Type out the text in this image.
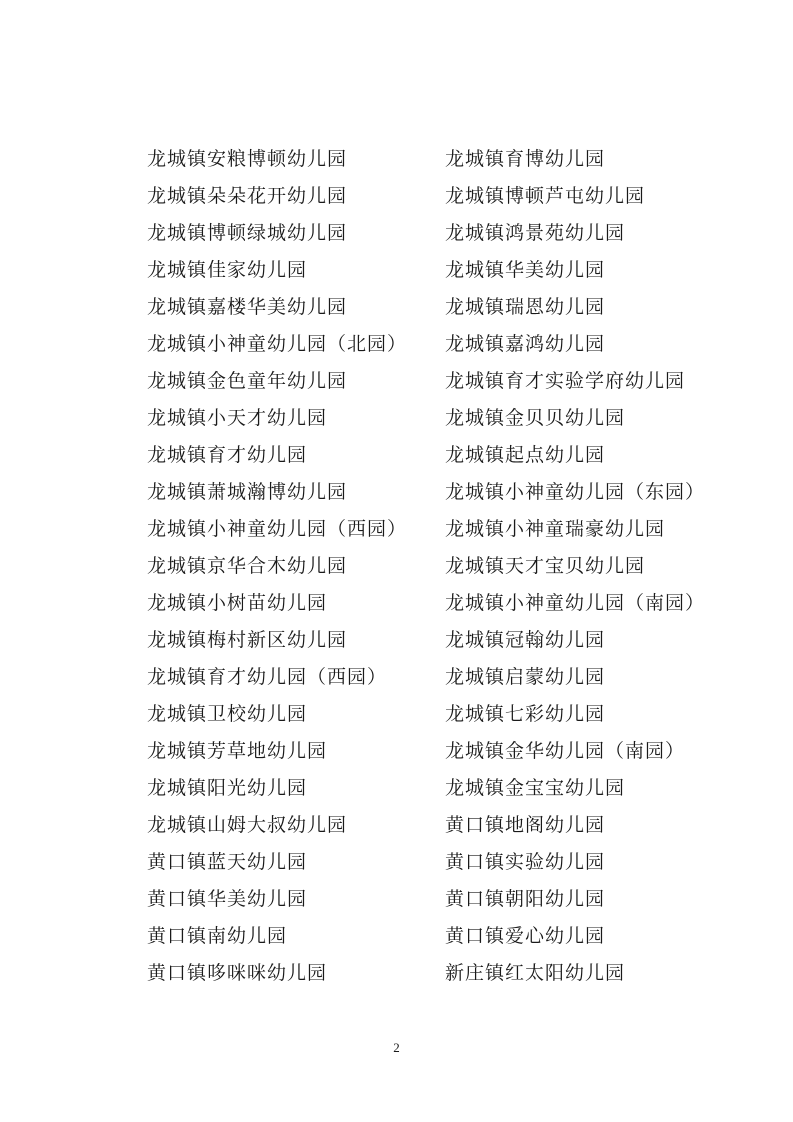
龙城镇安粮博顿幼儿园
龙城镇朵朵花开幼儿园
龙城镇博顿绿城幼儿园
龙城镇佳家幼儿园
龙城镇嘉楼华美幼儿园
龙城镇小神童幼儿园（北园）
龙城镇金色童年幼儿园
龙城镇小天才幼儿园
龙城镇育才幼儿园
龙城镇萧城瀚博幼儿园
龙城镇小神童幼儿园（西园）
龙城镇京华合木幼儿园
龙城镇小树苗幼儿园
龙城镇梅村新区幼儿园
龙城镇育才幼儿园（西园）
龙城镇卫校幼儿园
龙城镇芳草地幼儿园
龙城镇阳光幼儿园
龙城镇山姆大叔幼儿园
黄口镇蓝天幼儿园
黄口镇华美幼儿园
黄口镇南幼儿园
黄口镇哆咪咪幼儿园
龙城镇育博幼儿园
龙城镇博顿芦屯幼儿园
龙城镇鸿景苑幼儿园
龙城镇华美幼儿园
龙城镇瑞恩幼儿园
龙城镇嘉鸿幼儿园
龙城镇育才实验学府幼儿园
龙城镇金贝贝幼儿园
龙城镇起点幼儿园
龙城镇小神童幼儿园（东园）
龙城镇小神童瑞豪幼儿园
龙城镇天才宝贝幼儿园
龙城镇小神童幼儿园（南园）
龙城镇冠翰幼儿园
龙城镇启蒙幼儿园
龙城镇七彩幼儿园
龙城镇金华幼儿园（南园）
龙城镇金宝宝幼儿园
黄口镇地阁幼儿园
黄口镇实验幼儿园
黄口镇朝阳幼儿园
黄口镇爱心幼儿园
新庄镇红太阳幼儿园
2
